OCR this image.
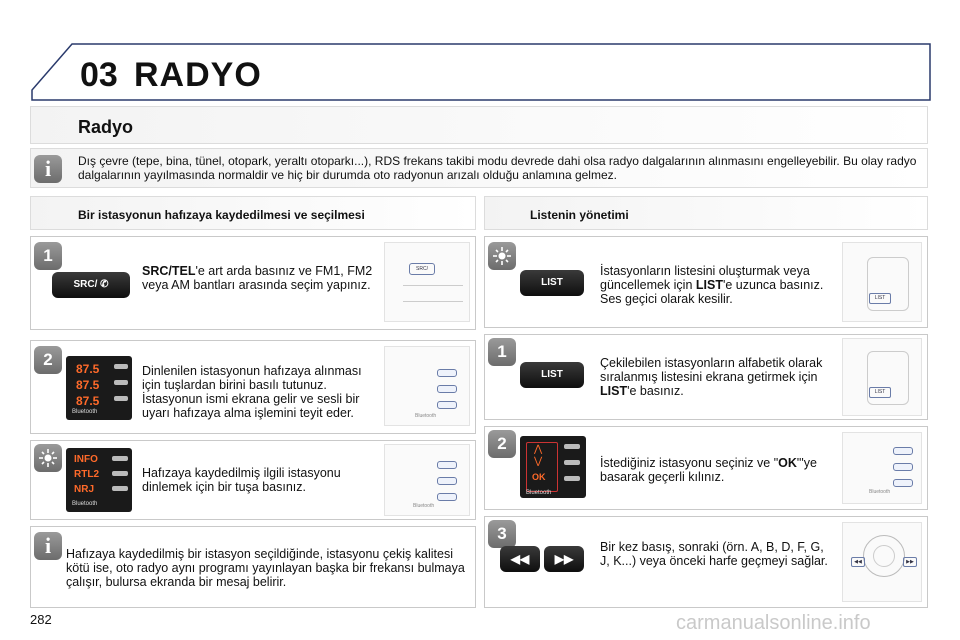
03 RADYO
Radyo
i	Dış çevre (tepe, bina, tünel, otopark, yeraltı otoparkı...), RDS frekans takibi modu devrede dahi olsa radyo dalgalarının alınmasını engelleyebilir. Bu olay radyo dalgalarının yayılmasında normaldir ve hiç bir durumda oto radyonun arızalı olduğu anlamına gelmez.
Bir istasyonun hafızaya kaydedilmesi ve seçilmesi	Listenin yönetimi
1
SRC/ ✆
SRC/TEL'e art arda basınız ve FM1, FM2 veya AM bantları arasında seçim yapınız.
SRC/
2	87.5
87.5
87.5
Bluetooth
Dinlenilen istasyonun hafızaya alınması için tuşlardan birini basılı tutunuz. İstasyonun ismi ekrana gelir ve sesli bir uyarı hafızaya alma işlemini teyit eder.	Bluetooth
INFO
RTL2
NRJ
Bluetooth
Hafızaya kaydedilmiş ilgili istasyonu dinlemek için bir tuşa basınız.
Bluetooth
i	Hafızaya kaydedilmiş bir istasyon seçildiğinde, istasyonu çekiş kalitesi kötü ise, oto radyo aynı programı yayınlayan başka bir frekansı bulmaya çalışır, bulursa ekranda bir mesaj belirir.
LIST
İstasyonların listesini oluşturmak veya güncellemek için LIST'e uzunca basınız. Ses geçici olarak kesilir.	LIST
1
LIST
Çekilebilen istasyonların alfabetik olarak sıralanmış listesini ekrana getirmek için LIST'e basınız.	LIST
2	⋀
⋁
OK
Bluetooth
İstediğiniz istasyonu seçiniz ve "OK"'ye basarak geçerli kılınız.
Bluetooth
3
◀◀	▶▶
Bir kez basış, sonraki (örn. A, B, D, F, G, J, K...) veya önceki harfe geçmeyi sağlar.	◀◀	▶▶
282	carmanualsonline.info
